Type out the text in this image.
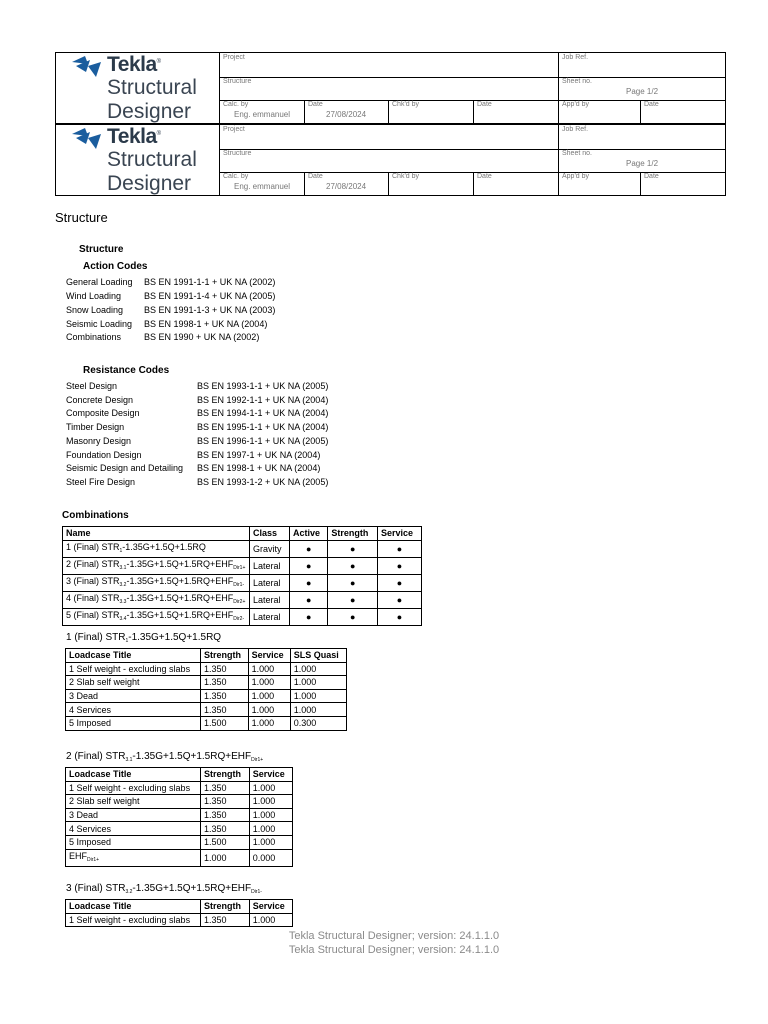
Tekla®
Structural
Designer
Project	Job Ref.
Structure	Sheet no.
Page 1/2
Calc. by
Eng. emmanuel
Date
27/08/2024
Chk'd by	Date	App'd by	Date
Tekla®
Structural
Designer
Project	Job Ref.
Structure	Sheet no.
Page 1/2
Calc. by
Eng. emmanuel
Date
27/08/2024
Chk'd by	Date	App'd by	Date
Structure
Structure
Action Codes
General Loading BS EN 1991-1-1 + UK NA (2002)
Wind Loading	BS EN 1991-1-4 + UK NA (2005)
Snow Loading BS EN 1991-1-3 + UK NA (2003)
Seismic Loading BS EN 1998-1 + UK NA (2004)
Combinations	BS EN 1990 + UK NA (2002)
Resistance Codes
Steel Design	BS EN 1993-1-1 + UK NA (2005)
Concrete Design	BS EN 1992-1-1 + UK NA (2004)
Composite Design	BS EN 1994-1-1 + UK NA (2004)
Timber Design	BS EN 1995-1-1 + UK NA (2004)
Masonry Design	BS EN 1996-1-1 + UK NA (2005)
Foundation Design	BS EN 1997-1 + UK NA (2004)
Seismic Design and Detailing BS EN 1998-1 + UK NA (2004)
Steel Fire Design	BS EN 1993-1-2 + UK NA (2005)
Combinations
Name	Class	Active	Strength	Service
1 (Final) $STR_1-1.35G+1.5Q+1.5RQ$	Gravity	●	●	●
2 (Final) $STR_{3.1}-1.35G+1.5Q+1.5RQ+EHF_{Dir1+}$	Lateral	●	●	●
3 (Final) $STR_{3.2}-1.35G+1.5Q+1.5RQ+EHF_{Dir1-}$	Lateral	●	●	●
4 (Final) $STR_{3.3}-1.35G+1.5Q+1.5RQ+EHF_{Dir2+}$	Lateral	●	●	●
5 (Final) $STR_{3.4}-1.35G+1.5Q+1.5RQ+EHF_{Dir2-}$	Lateral	●	●	●
1 (Final) $STR_1-1.35G+1.5Q+1.5RQ$
Loadcase Title	Strength	Service	SLS Quasi
1 Self weight - excluding slabs	1.350	1.000	1.000
2 Slab self weight	1.350	1.000	1.000
3 Dead	1.350	1.000	1.000
4 Services	1.350	1.000	1.000
5 Imposed	1.500	1.000	0.300
2 (Final) $STR_{3.1}-1.35G+1.5Q+1.5RQ+EHF_{Dir1+}$
Loadcase Title	Strength	Service
1 Self weight - excluding slabs	1.350	1.000
2 Slab self weight	1.350	1.000
3 Dead	1.350	1.000
4 Services	1.350	1.000
5 Imposed	1.500	1.000
$EHF_{Dir1+}$	1.000	0.000
3 (Final) $STR_{3.2}-1.35G+1.5Q+1.5RQ+EHF_{Dir1-}$
Loadcase Title	Strength	Service
1 Self weight - excluding slabs	1.350	1.000
Tekla Structural Designer; version: 24.1.1.0
Tekla Structural Designer; version: 24.1.1.0
